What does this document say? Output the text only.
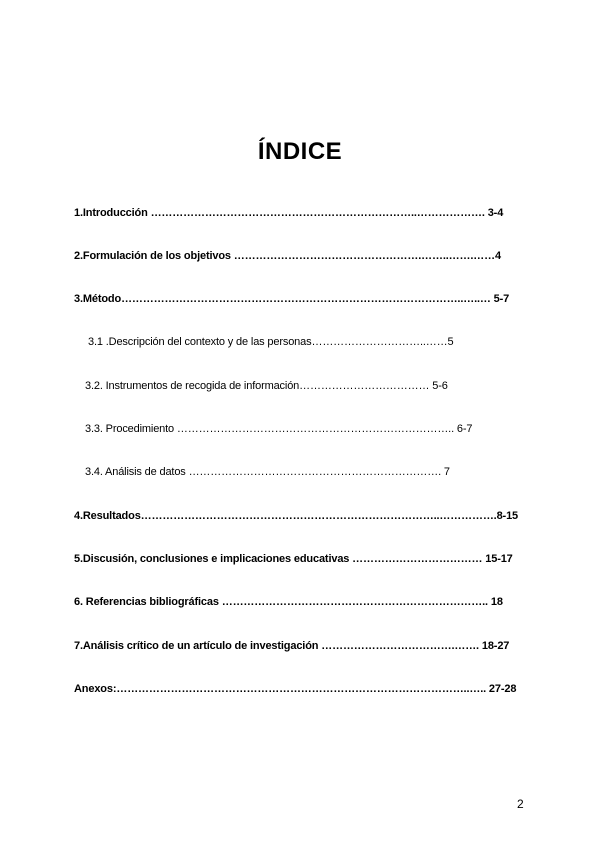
ÍNDICE
1.Introducción ………………………………………………………………..………………. 3-4
2.Formulación de los objetivos …………………………………………….……..…….……4
3.Método…………………………………………………………………………………..…..… 5-7
3.1 .Descripción del contexto y de las personas…………………………..……5
3.2. Instrumentos de recogida de información……………………………… 5-6
3.3. Procedimiento ………………………………………………………………….. 6-7
3.4. Análisis de datos ……………………………………………………………. 7
4.Resultados………………………………………………………………………..…………….8-15
5.Discusión, conclusiones e implicaciones educativas ……………………………… 15-17
6. Referencias bibliográficas ……………………………………………………………….. 18
7.Análisis crítico de un artículo de investigación ……………………………….……. 18-27
Anexos:……………………………………………………………………………………..….. 27-28
2
